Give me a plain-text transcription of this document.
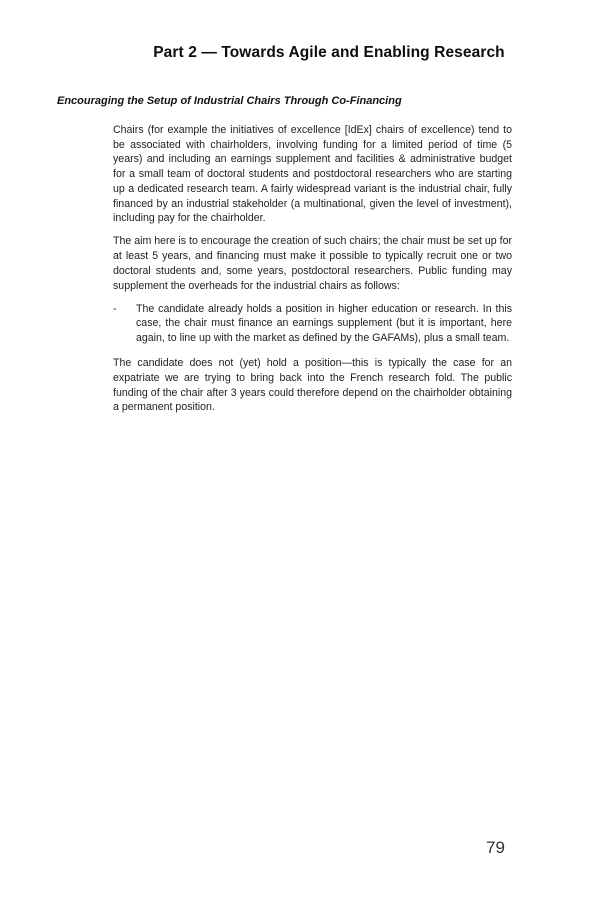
Part 2 — Towards Agile and Enabling Research
Encouraging the Setup of Industrial Chairs Through Co-Financing

Chairs (for example the initiatives of excellence [IdEx] chairs of excellence) tend to be associated with chairholders, involving funding for a limited period of time (5 years) and including an earnings supplement and facilities & administrative budget for a small team of doctoral students and postdoctoral researchers who are starting up a dedicated research team. A fairly widespread variant is the industrial chair, fully financed by an industrial stakeholder (a multinational, given the level of investment), including pay for the chairholder.

The aim here is to encourage the creation of such chairs; the chair must be set up for at least 5 years, and financing must make it possible to typically recruit one or two doctoral students and, some years, postdoctoral researchers. Public funding may supplement the overheads for the industrial chairs as follows:

-	The candidate already holds a position in higher education or research. In this case, the chair must finance an earnings supplement (but it is important, here again, to line up with the market as defined by the GAFAMs), plus a small team.

The candidate does not (yet) hold a position—this is typically the case for an expatriate we are trying to bring back into the French research fold. The public funding of the chair after 3 years could therefore depend on the chairholder obtaining a permanent position.

79
